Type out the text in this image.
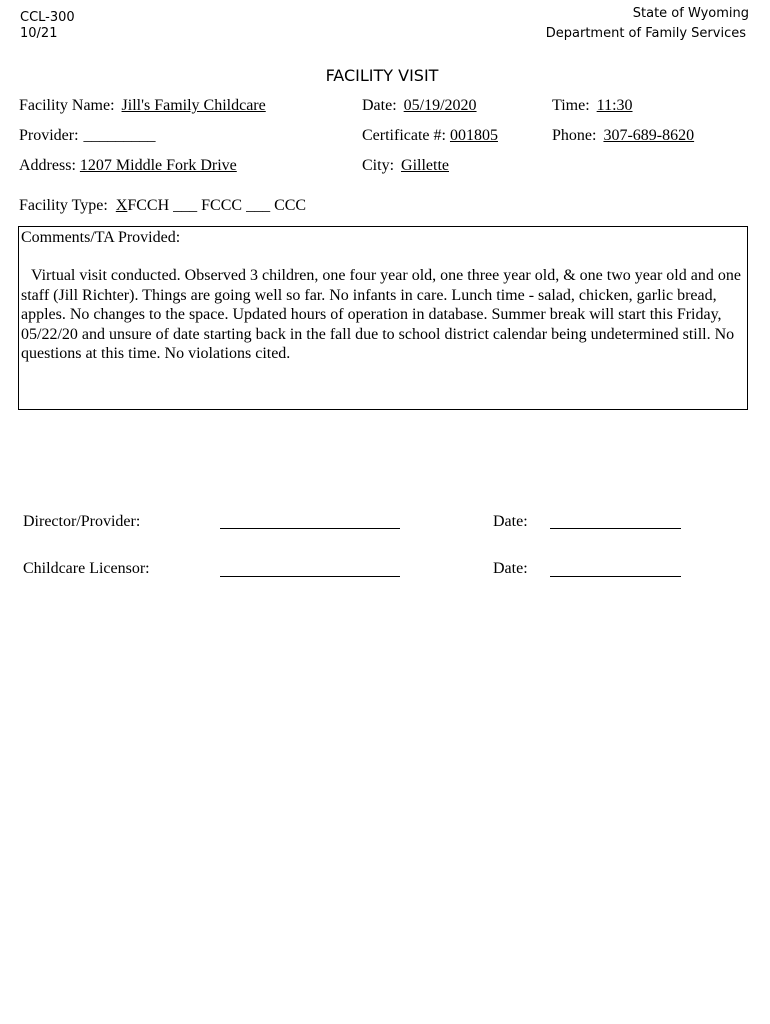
CCL-300
10/21
State of Wyoming
Department of Family Services
FACILITY VISIT
Facility Name: Jill's Family Childcare	Date: 05/19/2020	Time: 11:30
Provider: _________	Certificate #: 001805	Phone: 307-689-8620
Address: 1207 Middle Fork Drive	City: Gillette
Facility Type: XFCCH ___ FCCC ___ CCC
Comments/TA Provided:
Virtual visit conducted. Observed 3 children, one four year old, one three year old, & one two year old and one staff (Jill Richter). Things are going well so far. No infants in care. Lunch time - salad, chicken, garlic bread, apples. No changes to the space. Updated hours of operation in database. Summer break will start this Friday, 05/22/20 and unsure of date starting back in the fall due to school district calendar being undetermined still. No questions at this time. No violations cited.
Director/Provider:	Date:
Childcare Licensor:	Date:
